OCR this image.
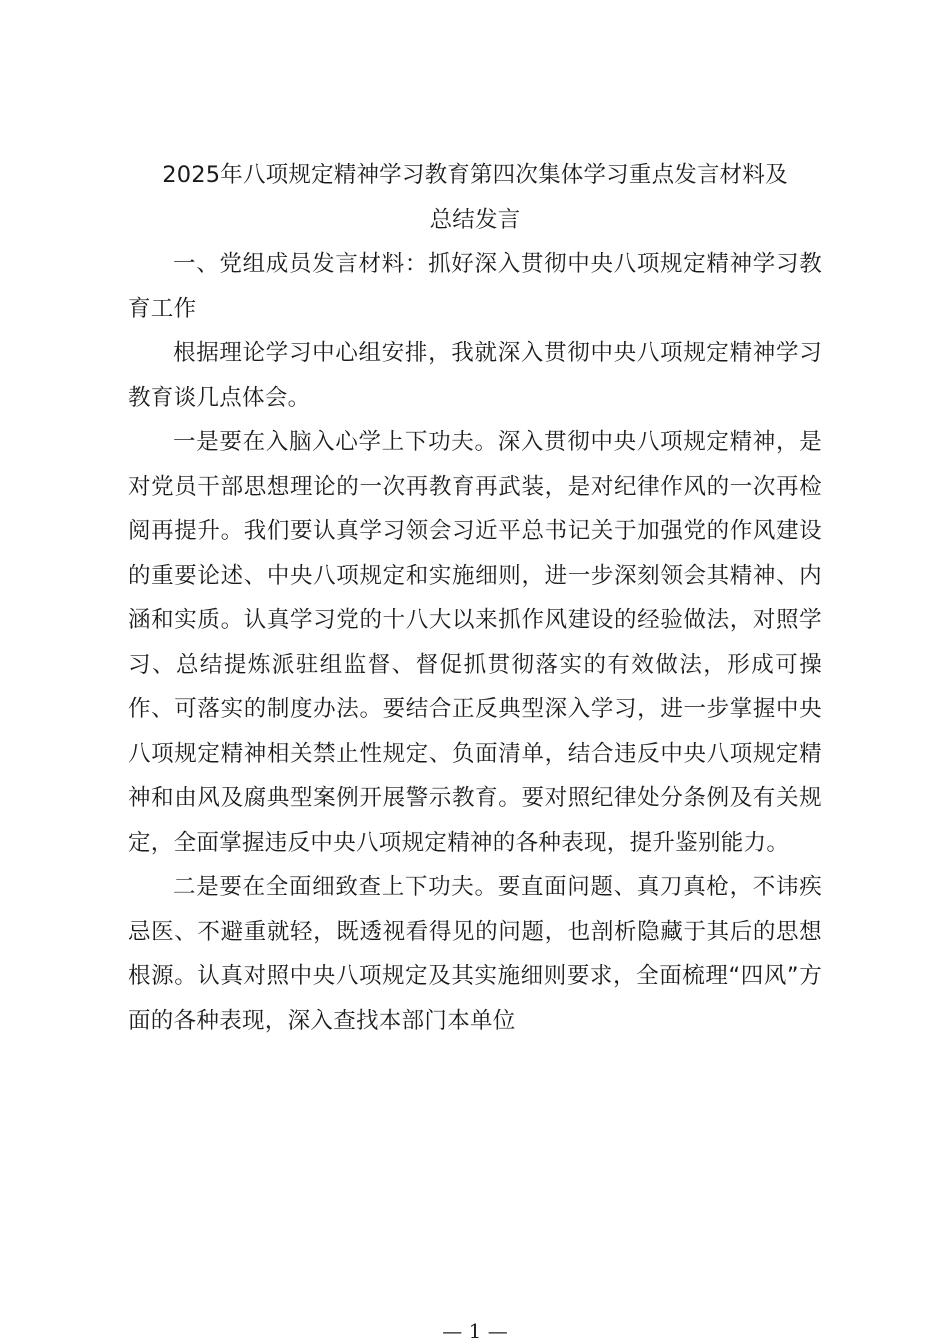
2025年八项规定精神学习教育第四次集体学习重点发言材料及
总结发言

一、党组成员发言材料：抓好深入贯彻中央八项规定精神学习教育工作

根据理论学习中心组安排，我就深入贯彻中央八项规定精神学习教育谈几点体会。

一是要在入脑入心学上下功夫。深入贯彻中央八项规定精神，是对党员干部思想理论的一次再教育再武装，是对纪律作风的一次再检阅再提升。我们要认真学习领会习近平总书记关于加强党的作风建设的重要论述、中央八项规定和实施细则，进一步深刻领会其精神、内涵和实质。认真学习党的十八大以来抓作风建设的经验做法，对照学习、总结提炼派驻组监督、督促抓贯彻落实的有效做法，形成可操作、可落实的制度办法。要结合正反典型深入学习，进一步掌握中央八项规定精神相关禁止性规定、负面清单，结合违反中央八项规定精神和由风及腐典型案例开展警示教育。要对照纪律处分条例及有关规定，全面掌握违反中央八项规定精神的各种表现，提升鉴别能力。

二是要在全面细致查上下功夫。要直面问题、真刀真枪，不讳疾忌医、不避重就轻，既透视看得见的问题，也剖析隐藏于其后的思想根源。认真对照中央八项规定及其实施细则要求，全面梳理“四风”方面的各种表现，深入查找本部门本单位

— 1 —
